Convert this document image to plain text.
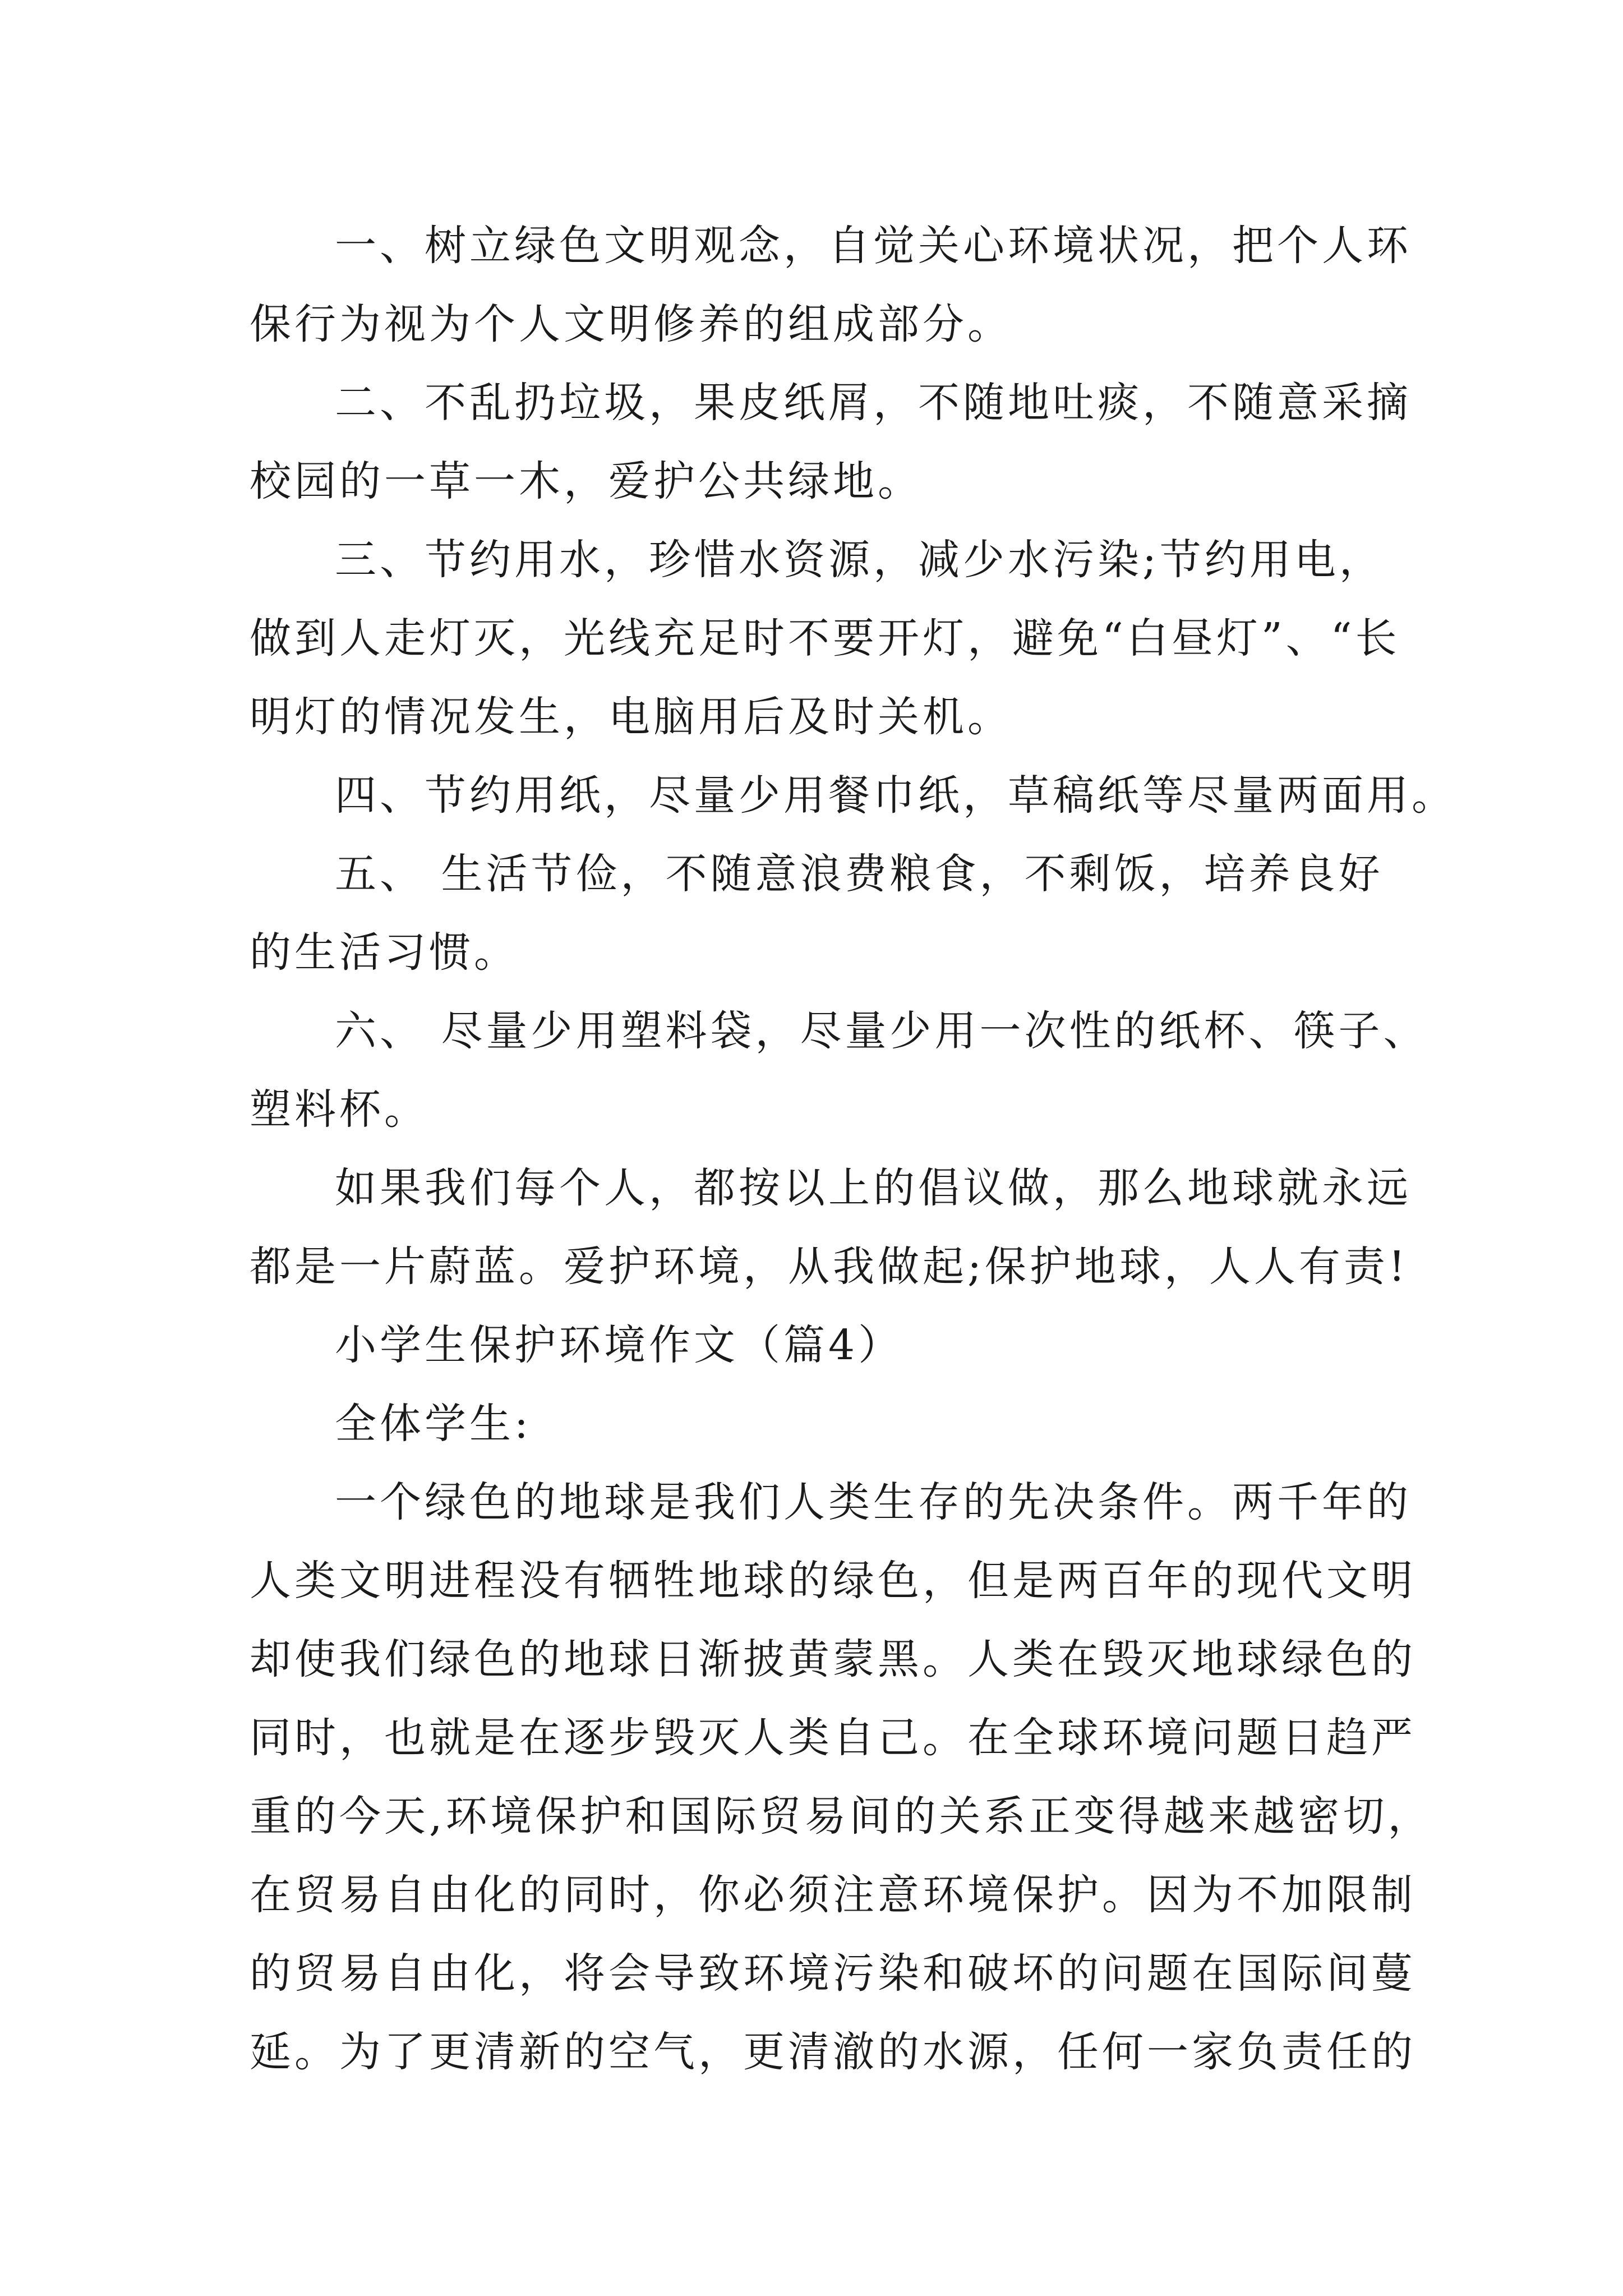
一、树立绿色文明观念，自觉关心环境状况，把个人环
保行为视为个人文明修养的组成部分。
二、不乱扔垃圾，果皮纸屑，不随地吐痰，不随意采摘
校园的一草一木，爱护公共绿地。
三、节约用水，珍惜水资源，减少水污染;节约用电，
做到人走灯灭，光线充足时不要开灯，避免“白昼灯”、“长
明灯的情况发生，电脑用后及时关机。
四、节约用纸，尽量少用餐巾纸，草稿纸等尽量两面用。
五、 生活节俭，不随意浪费粮食，不剩饭，培养良好
的生活习惯。
六、 尽量少用塑料袋，尽量少用一次性的纸杯、筷子、
塑料杯。
如果我们每个人，都按以上的倡议做，那么地球就永远
都是一片蔚蓝。爱护环境，从我做起;保护地球，人人有责!
小学生保护环境作文（篇4）
全体学生:
一个绿色的地球是我们人类生存的先决条件。两千年的
人类文明进程没有牺牲地球的绿色，但是两百年的现代文明
却使我们绿色的地球日渐披黄蒙黑。人类在毁灭地球绿色的
同时，也就是在逐步毁灭人类自己。在全球环境问题日趋严
重的今天,环境保护和国际贸易间的关系正变得越来越密切，
在贸易自由化的同时，你必须注意环境保护。因为不加限制
的贸易自由化，将会导致环境污染和破坏的问题在国际间蔓
延。为了更清新的空气，更清澈的水源，任何一家负责任的
